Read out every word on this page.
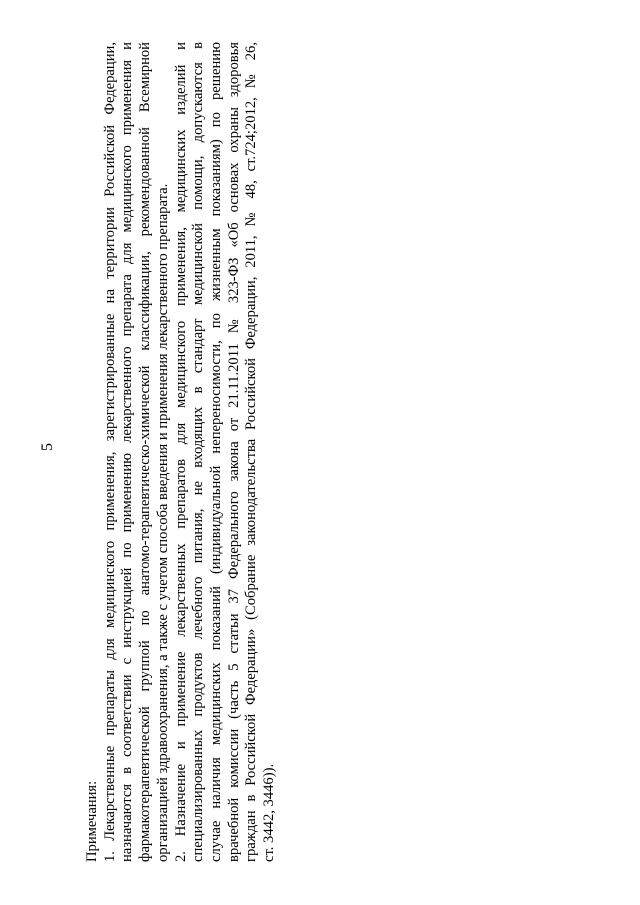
5
Примечания: 1. Лекарственные препараты для медицинского применения, зарегистрированные на территории Российской Федерации, назначаются в соответствии с инструкцией по применению лекарственного препарата для медицинского применения и фармакотерапевтической группой по анатомо-терапевтическо-химической классификации, рекомендованной Всемирной организацией здравоохранения, а также с учетом способа введения и применения лекарственного препарата. 2. Назначение и применение лекарственных препаратов для медицинского применения, медицинских изделий и специализированных продуктов лечебного питания, не входящих в стандарт медицинской помощи, допускаются в случае наличия медицинских показаний (индивидуальной непереносимости, по жизненным показаниям) по решению врачебной комиссии (часть 5 статьи 37 Федерального закона от 21.11.2011 № 323-ФЗ «Об основах охраны здоровья граждан в Российской Федерации» (Собрание законодательства Российской Федерации, 2011, № 48, ст.724;2012, № 26, ст. 3442, 3446)).
